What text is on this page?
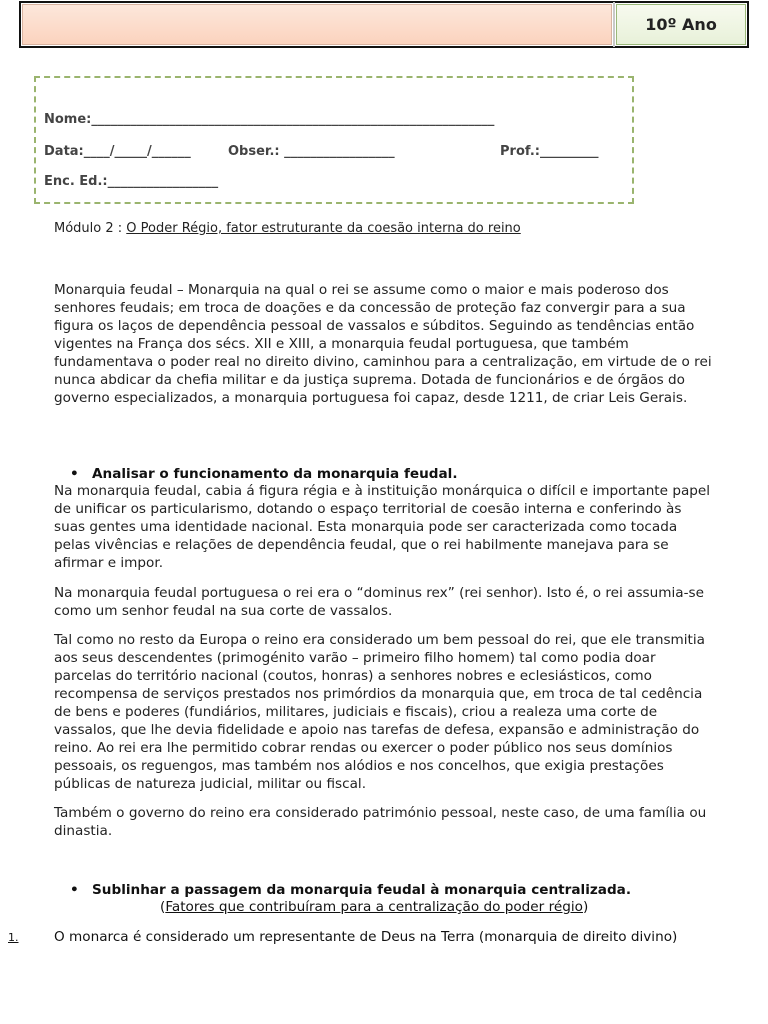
10º Ano
Nome:______________________________________________________________
Data:____/_____/______	Obser.: _________________	Prof.:_________
Enc. Ed.:_________________
Módulo 2 : O Poder Régio, fator estruturante da coesão interna do reino

Monarquia feudal – Monarquia na qual o rei se assume como o maior e mais poderoso dos senhores feudais; em troca de doações e da concessão de proteção faz convergir para a sua figura os laços de dependência pessoal de vassalos e súbditos. Seguindo as tendências então vigentes na França dos sécs. XII e XIII, a monarquia feudal portuguesa, que também fundamentava o poder real no direito divino, caminhou para a centralização, em virtude de o rei nunca abdicar da chefia militar e da justiça suprema. Dotada de funcionários e de órgãos do governo especializados, a monarquia portuguesa foi capaz, desde 1211, de criar Leis Gerais.

• Analisar o funcionamento da monarquia feudal.

Na monarquia feudal, cabia á figura régia e à instituição monárquica o difícil e importante papel de unificar os particularismo, dotando o espaço territorial de coesão interna e conferindo às suas gentes uma identidade nacional. Esta monarquia pode ser caracterizada como tocada pelas vivências e relações de dependência feudal, que o rei habilmente manejava para se afirmar e impor.

Na monarquia feudal portuguesa o rei era o “dominus rex” (rei senhor). Isto é, o rei assumia-se como um senhor feudal na sua corte de vassalos.

Tal como no resto da Europa o reino era considerado um bem pessoal do rei, que ele transmitia aos seus descendentes (primogénito varão – primeiro filho homem) tal como podia doar parcelas do território nacional (coutos, honras) a senhores nobres e eclesiásticos, como recompensa de serviços prestados nos primórdios da monarquia que, em troca de tal cedência de bens e poderes (fundiários, militares, judiciais e fiscais), criou a realeza uma corte de vassalos, que lhe devia fidelidade e apoio nas tarefas de defesa, expansão e administração do reino. Ao rei era lhe permitido cobrar rendas ou exercer o poder público nos seus domínios pessoais, os reguengos, mas também nos alódios e nos concelhos, que exigia prestações públicas de natureza judicial, militar ou fiscal.

Também o governo do reino era considerado património pessoal, neste caso, de uma família ou dinastia.

• Sublinhar a passagem da monarquia feudal à monarquia centralizada.
(Fatores que contribuíram para a centralização do poder régio)
1.	O monarca é considerado um representante de Deus na Terra (monarquia de direito divino)
